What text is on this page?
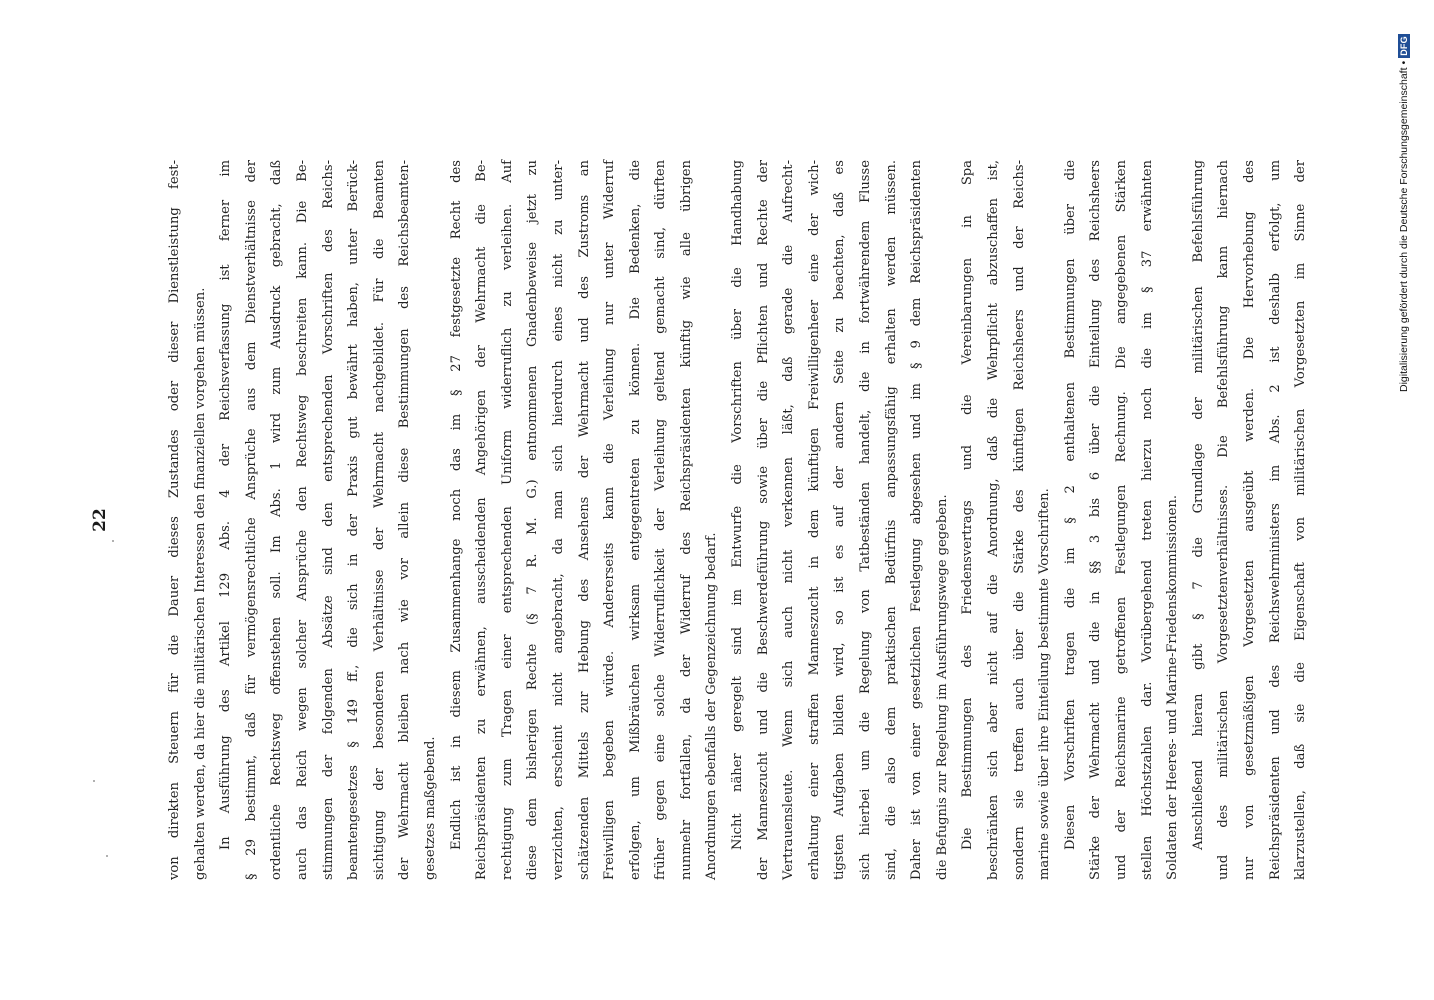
22	von direkten Steuern für die Dauer dieses Zustandes oder dieser Dienstleistung fest- gehalten werden, da hier die militärischen Interessen den finanziellen vorgehen müssen. In Ausführung des Artikel 129 Abs. 4 der Reichsverfassung ist ferner im § 29 bestimmt, daß für vermögensrechtliche Ansprüche aus dem Dienstverhältnisse der ordentliche Rechtsweg offenstehen soll. Im Abs. 1 wird zum Ausdruck gebracht, daß auch das Reich wegen solcher Ansprüche den Rechtsweg beschreiten kann. Die Be- stimmungen der folgenden Absätze sind den entsprechenden Vorschriften des Reichs- beamtengesetzes § 149 ff., die sich in der Praxis gut bewährt haben, unter Berück- sichtigung der besonderen Verhältnisse der Wehrmacht nachgebildet. Für die Beamten der Wehrmacht bleiben nach wie vor allein diese Bestimmungen des Reichsbeamten- gesetzes maßgebend. Endlich ist in diesem Zusammenhange noch das im § 27 festgesetzte Recht des Reichspräsidenten zu erwähnen, ausscheidenden Angehörigen der Wehrmacht die Be- rechtigung zum Tragen einer entsprechenden Uniform widerruflich zu verleihen. Auf diese dem bisherigen Rechte (§ 7 R. M. G.) entnommenen Gnadenbeweise jetzt zu verzichten, erscheint nicht angebracht, da man sich hierdurch eines nicht zu unter- schätzenden Mittels zur Hebung des Ansehens der Wehrmacht und des Zustroms an Freiwilligen begeben würde. Andererseits kann die Verleihung nur unter Widerruf erfolgen, um Mißbräuchen wirksam entgegentreten zu können. Die Bedenken, die früher gegen eine solche Widerruflichkeit der Verleihung geltend gemacht sind, dürften nunmehr fortfallen, da der Widerruf des Reichspräsidenten künftig wie alle übrigen Anordnungen ebenfalls der Gegenzeichnung bedarf. Nicht näher geregelt sind im Entwurfe die Vorschriften über die Handhabung der Manneszucht und die Beschwerdeführung sowie über die Pflichten und Rechte der Vertrauensleute. Wenn sich auch nicht verkennen läßt, daß gerade die Aufrecht- erhaltung einer straffen Manneszucht in dem künftigen Freiwilligenheer eine der wich- tigsten Aufgaben bilden wird, so ist es auf der andern Seite zu beachten, daß es sich hierbei um die Regelung von Tatbeständen handelt, die in fortwährendem Flusse sind, die also dem praktischen Bedürfnis anpassungsfähig erhalten werden müssen. Daher ist von einer gesetzlichen Festlegung abgesehen und im § 9 dem Reichspräsidenten die Befugnis zur Regelung im Ausführungswege gegeben. Die Bestimmungen des Friedensvertrags und die Vereinbarungen in Spa beschränken sich aber nicht auf die Anordnung, daß die Wehrpflicht abzuschaffen ist, sondern sie treffen auch über die Stärke des künftigen Reichsheers und der Reichs- marine sowie über ihre Einteilung bestimmte Vorschriften. Diesen Vorschriften tragen die im § 2 enthaltenen Bestimmungen über die Stärke der Wehrmacht und die in §§ 3 bis 6 über die Einteilung des Reichsheers und der Reichsmarine getroffenen Festlegungen Rechnung. Die angegebenen Stärken stellen Höchstzahlen dar. Vorübergehend treten hierzu noch die im § 37 erwähnten Soldaten der Heeres- und Marine-Friedenskommissionen. Anschließend hieran gibt § 7 die Grundlage der militärischen Befehlsführung und des militärischen Vorgesetztenverhältnisses. Die Befehlsführung kann hiernach nur von gesetzmäßigen Vorgesetzten ausgeübt werden. Die Hervorhebung des Reichspräsidenten und des Reichswehrministers im Abs. 2 ist deshalb erfolgt, um klarzustellen, daß sie die Eigenschaft von militärischen Vorgesetzten im Sinne der	Digitalisierung gefördert durch die Deutsche Forschungsgemeinschaft
•
DFG
